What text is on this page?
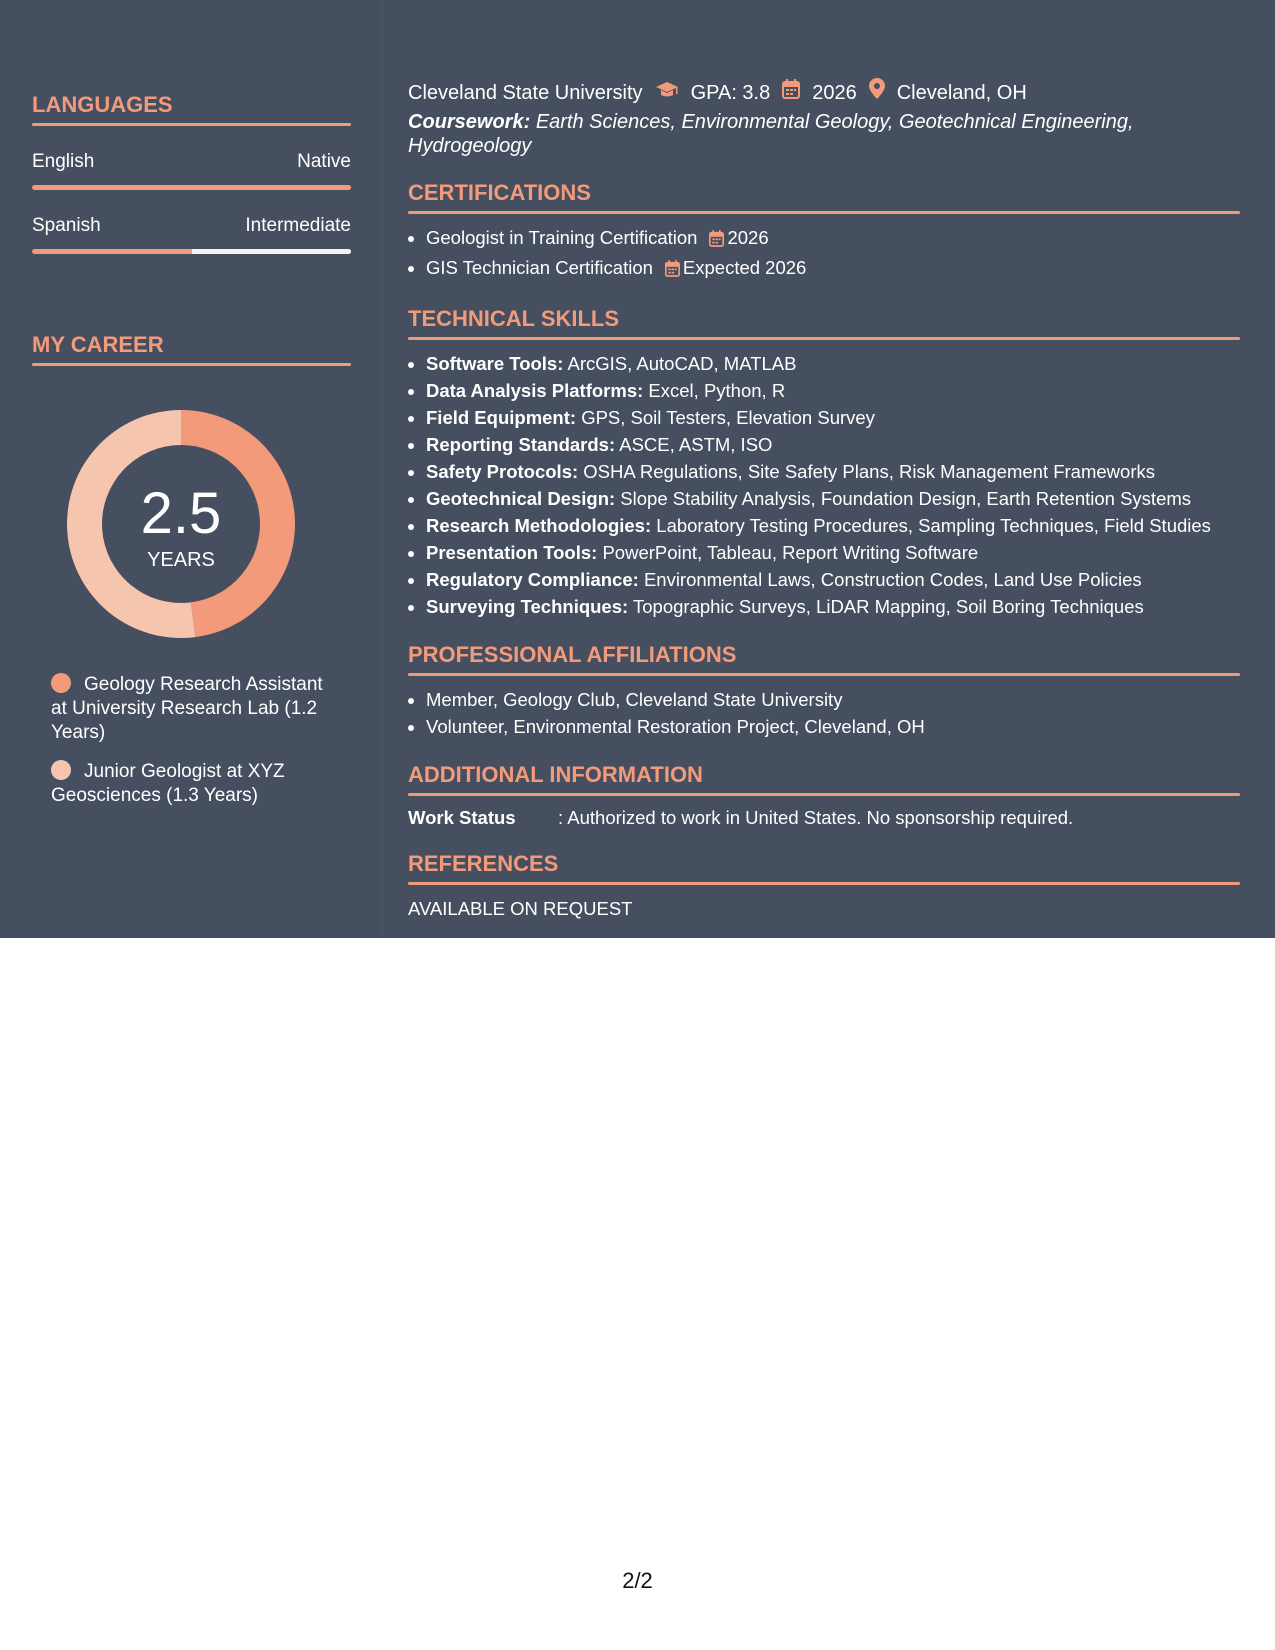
LANGUAGES
English	Native
Spanish	Intermediate
MY CAREER
2.5
YEARS
Geology Research Assistant at University Research Lab (1.2 Years)
Junior Geologist at XYZ Geosciences (1.3 Years)
Cleveland State University GPA: 3.8 2026 Cleveland, OH
Coursework: Earth Sciences, Environmental Geology, Geotechnical Engineering, Hydrogeology
CERTIFICATIONS
• Geologist in Training Certification 2026
• GIS Technician Certification Expected 2026
TECHNICAL SKILLS
• Software Tools: ArcGIS, AutoCAD, MATLAB
• Data Analysis Platforms: Excel, Python, R
• Field Equipment: GPS, Soil Testers, Elevation Survey
• Reporting Standards: ASCE, ASTM, ISO
• Safety Protocols: OSHA Regulations, Site Safety Plans, Risk Management Frameworks
• Geotechnical Design: Slope Stability Analysis, Foundation Design, Earth Retention Systems
• Research Methodologies: Laboratory Testing Procedures, Sampling Techniques, Field Studies
• Presentation Tools: PowerPoint, Tableau, Report Writing Software
• Regulatory Compliance: Environmental Laws, Construction Codes, Land Use Policies
• Surveying Techniques: Topographic Surveys, LiDAR Mapping, Soil Boring Techniques
PROFESSIONAL AFFILIATIONS
• Member, Geology Club, Cleveland State University
• Volunteer, Environmental Restoration Project, Cleveland, OH
ADDITIONAL INFORMATION
Work Status	: Authorized to work in United States. No sponsorship required.
REFERENCES
AVAILABLE ON REQUEST
2/2
